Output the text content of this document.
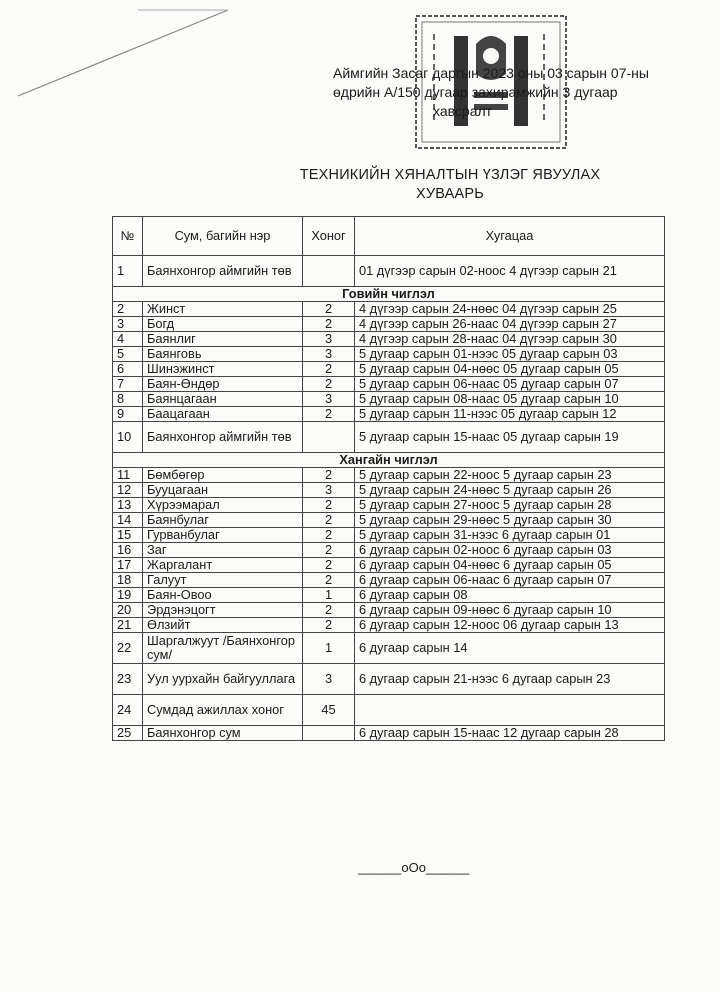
Аймгийн Засаг даргын 2023 оны 03 сарын 07-ны
өдрийн А/150 дугаар захирамжийн 3 дугаар
хавсралт
ТЕХНИКИЙН ХЯНАЛТЫН ҮЗЛЭГ ЯВУУЛАХ
ХУВААРЬ
№	Сум, багийн нэр	Хоног	Хугацаа
1	Баянхонгор аймгийн төв		01 дүгээр сарын 02-ноос 4 дүгээр сарын 21
Говийн чиглэл			
2	Жинст	2	4 дүгээр сарын 24-нөөс 04 дүгээр сарын 25
3	Богд	2	4 дүгээр сарын 26-наас 04 дүгээр сарын 27
4	Баянлиг	3	4 дүгээр сарын 28-наас 04 дүгээр сарын 30
5	Баянговь	3	5 дугаар сарын 01-нээс 05 дугаар сарын 03
6	Шинэжинст	2	5 дугаар сарын 04-нөөс 05 дугаар сарын 05
7	Баян-Өндөр	2	5 дугаар сарын 06-наас 05 дугаар сарын 07
8	Баянцагаан	3	5 дугаар сарын 08-наас 05 дугаар сарын 10
9	Баацагаан	2	5 дугаар сарын 11-нээс 05 дугаар сарын 12
10	Баянхонгор аймгийн төв		5 дугаар сарын 15-наас 05 дугаар сарын 19
Хангайн чиглэл			
11	Бөмбөгөр	2	5 дугаар сарын 22-ноос 5 дугаар сарын 23
12	Бууцагаан	3	5 дугаар сарын 24-нөөс 5 дугаар сарын 26
13	Хүрээмарал	2	5 дугаар сарын 27-ноос 5 дугаар сарын 28
14	Баянбулаг	2	5 дугаар сарын 29-нөөс 5 дугаар сарын 30
15	Гурванбулаг	2	5 дугаар сарын 31-нээс 6 дугаар сарын 01
16	Заг	2	6 дугаар сарын 02-ноос 6 дугаар сарын 03
17	Жаргалант	2	6 дугаар сарын 04-нөөс 6 дугаар сарын 05
18	Галуут	2	6 дугаар сарын 06-наас 6 дугаар сарын 07
19	Баян-Овоо	1	6 дугаар сарын 08
20	Эрдэнэцогт	2	6 дугаар сарын 09-нөөс 6 дугаар сарын 10
21	Өлзийт	2	6 дугаар сарын 12-ноос 06 дугаар сарын 13
22	Шаргалжуут /Баянхонгор сум/	1	6 дугаар сарын 14
23	Уул уурхайн байгууллага	3	6 дугаар сарын 21-нээс 6 дугаар сарын 23
24	Сумдад ажиллах хоног	45	
25	Баянхонгор сум		6 дугаар сарын 15-наас 12 дугаар сарын 28
______oOo______
